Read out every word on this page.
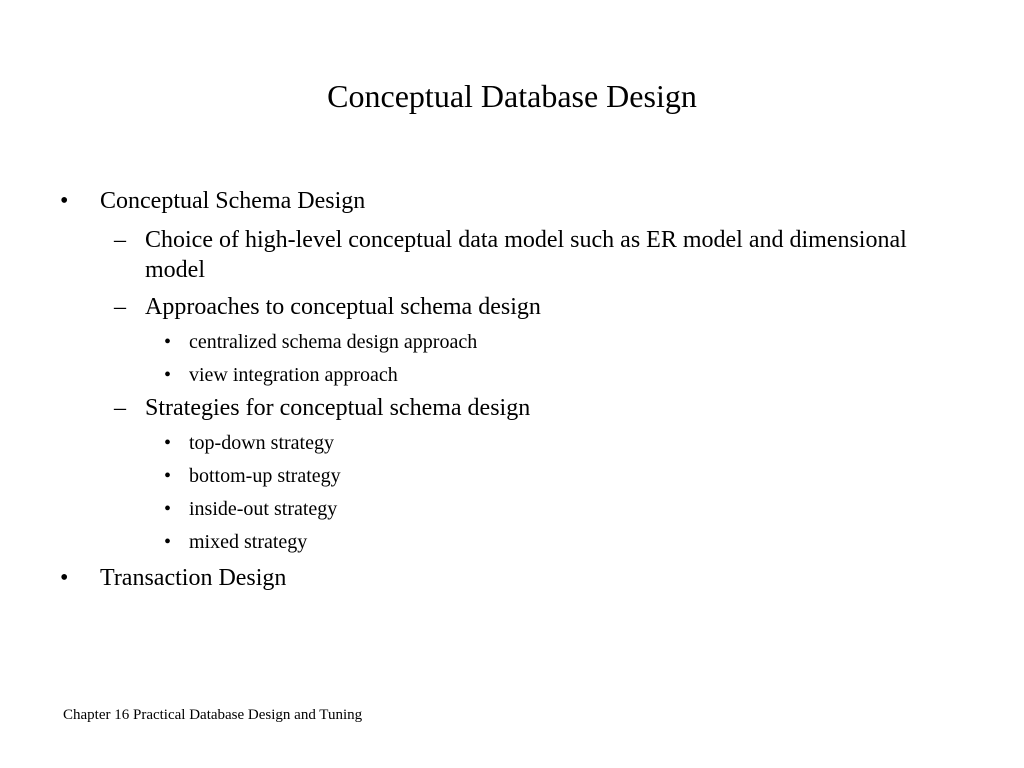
Conceptual Database Design
• Conceptual Schema Design
– Choice of high-level conceptual data model such as ER model and dimensional model
– Approaches to conceptual schema design
• centralized schema design approach
• view integration approach
– Strategies for conceptual schema design
• top-down strategy
• bottom-up strategy
• inside-out strategy
• mixed strategy
• Transaction Design
Chapter 16 Practical Database Design and Tuning
